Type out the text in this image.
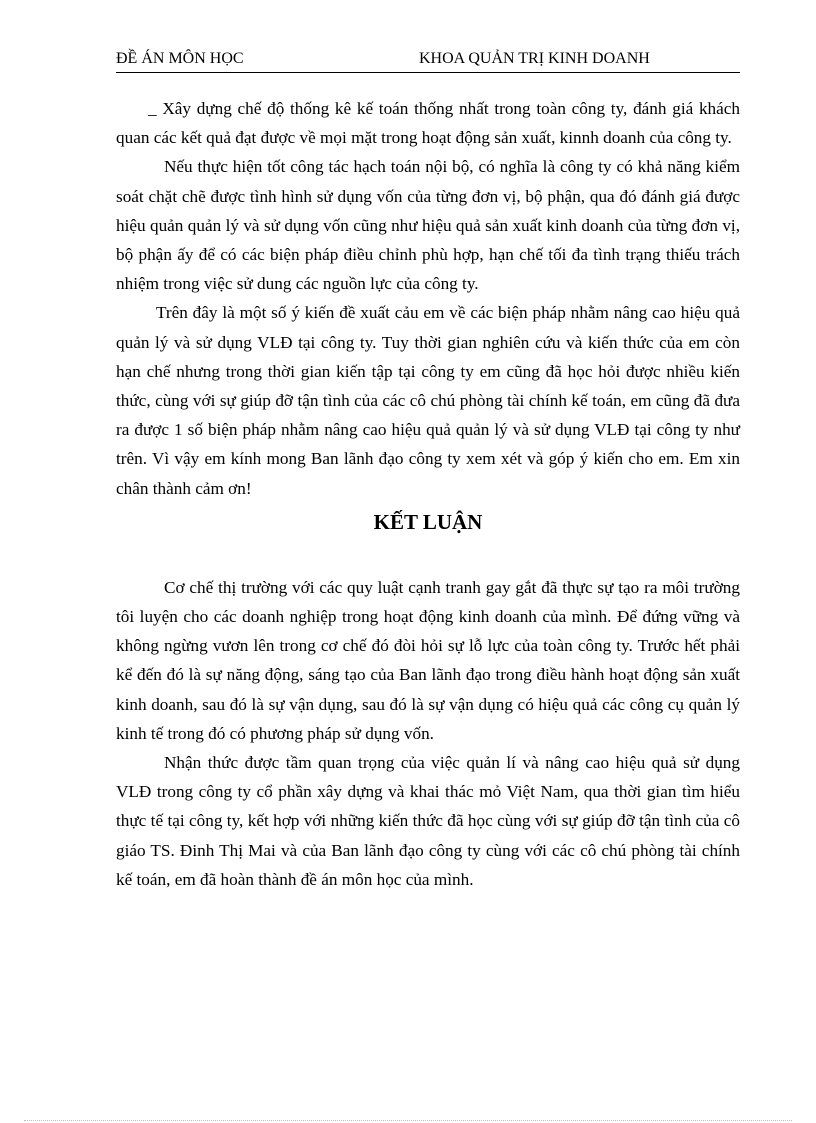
ĐỀ ÁN MÔN HỌC	KHOA QUẢN TRỊ KINH DOANH

_ Xây dựng chế độ thống kê kế toán thống nhất trong toàn công ty, đánh giá khách quan các kết quả đạt được về mọi mặt trong hoạt động sản xuất, kinnh doanh của công ty.

Nếu thực hiện tốt công tác hạch toán nội bộ, có nghĩa là công ty có khả năng kiểm soát chặt chẽ được tình hình sử dụng vốn của từng đơn vị, bộ phận, qua đó đánh giá được hiệu quản quản lý và sử dụng vốn cũng như hiệu quả sản xuất kinh doanh của từng đơn vị, bộ phận ấy để có các biện pháp điều chỉnh phù hợp, hạn chế tối đa tình trạng thiếu trách nhiệm trong việc sử dung các nguồn lực của công ty.

Trên đây là một số ý kiến đề xuất cảu em về các biện pháp nhằm nâng cao hiệu quả quản lý và sử dụng VLĐ tại công ty. Tuy thời gian nghiên cứu và kiến thức của em còn hạn chế nhưng trong thời gian kiến tập tại công ty em cũng đã học hỏi được nhiều kiến thức, cùng với sự giúp đỡ tận tình của các cô chú phòng tài chính kế toán, em cũng đã đưa ra được 1 số biện pháp nhằm nâng cao hiệu quả quản lý và sử dụng VLĐ tại công ty như trên. Vì vậy em kính mong Ban lãnh đạo công ty xem xét và góp ý kiến cho em. Em xin chân thành cảm ơn!

KẾT LUẬN

Cơ chế thị trường với các quy luật cạnh tranh gay gắt đã thực sự tạo ra môi trường tôi luyện cho các doanh nghiệp trong hoạt động kinh doanh của mình. Để đứng vững và không ngừng vươn lên trong cơ chế đó đòi hỏi sự lỗ lực của toàn công ty. Trước hết phải kể đến đó là sự năng động, sáng tạo của Ban lãnh đạo trong điều hành hoạt động sản xuất kinh doanh, sau đó là sự vận dụng, sau đó là sự vận dụng có hiệu quả các công cụ quản lý kinh tế trong đó có phương pháp sử dụng vốn.

Nhận thức được tầm quan trọng của việc quản lí và nâng cao hiệu quả sử dụng VLĐ trong công ty cổ phần xây dựng và khai thác mỏ Việt Nam, qua thời gian tìm hiểu thực tế tại công ty, kết hợp với những kiến thức đã học cùng với sự giúp đỡ tận tình của cô giáo TS. Đinh Thị Mai và của Ban lãnh đạo công ty cùng với các cô chú phòng tài chính kế toán, em đã hoàn thành đề án môn học của mình.
